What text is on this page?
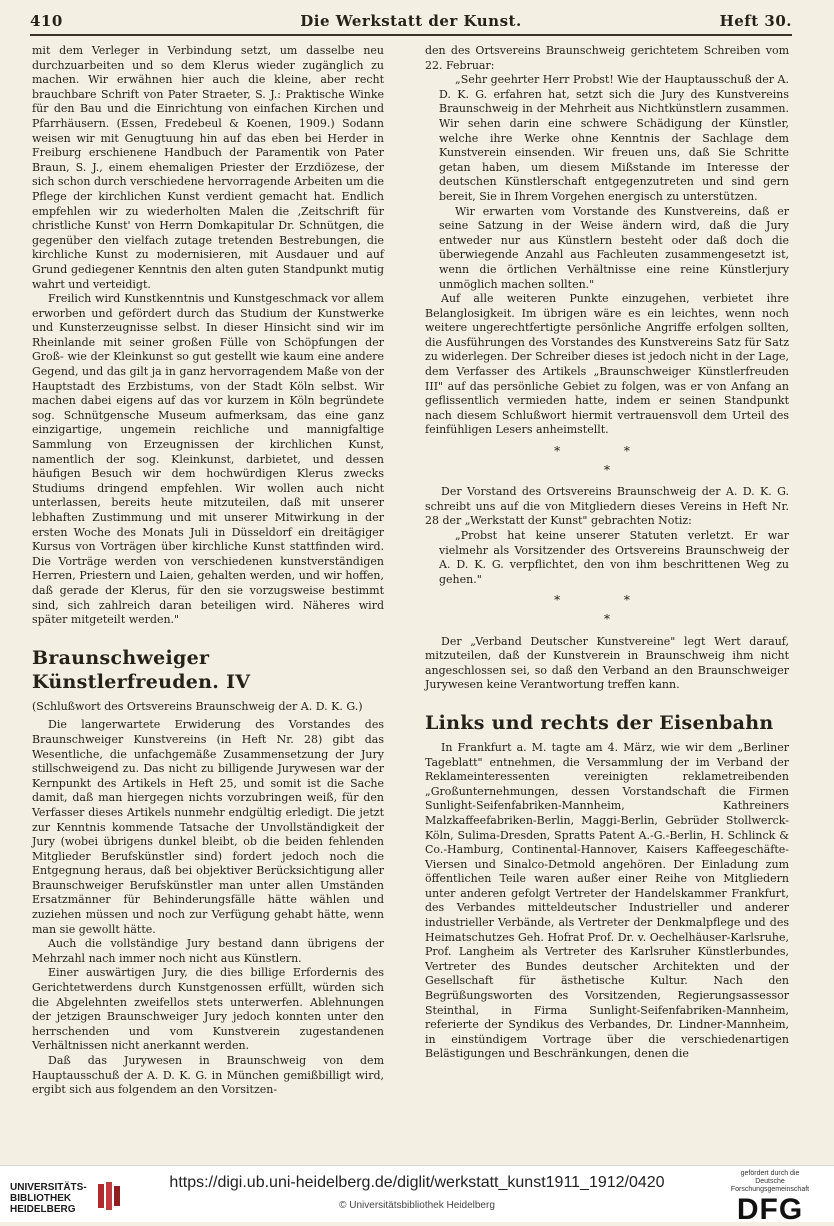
410	Die Werkstatt der Kunst.	Heft 30.

mit dem Verleger in Verbindung setzt, um dasselbe neu durchzuarbeiten und so dem Klerus wieder zugänglich zu machen. Wir erwähnen hier auch die kleine, aber recht brauchbare Schrift von Pater Straeter, S. J.: Praktische Winke für den Bau und die Einrichtung von einfachen Kirchen und Pfarrhäusern. (Essen, Fredebeul & Koenen, 1909.) Sodann weisen wir mit Genugtuung hin auf das eben bei Herder in Freiburg erschienene Handbuch der Paramentik von Pater Braun, S. J., einem ehemaligen Priester der Erzdiözese, der sich schon durch verschiedene hervorragende Arbeiten um die Pflege der kirchlichen Kunst verdient gemacht hat. Endlich empfehlen wir zu wiederholten Malen die ‚Zeitschrift für christliche Kunst' von Herrn Domkapitular Dr. Schnütgen, die gegenüber den vielfach zutage tretenden Bestrebungen, die kirchliche Kunst zu modernisieren, mit Ausdauer und auf Grund gediegener Kenntnis den alten guten Standpunkt mutig wahrt und verteidigt.

Freilich wird Kunstkenntnis und Kunstgeschmack vor allem erworben und gefördert durch das Studium der Kunstwerke und Kunsterzeugnisse selbst. In dieser Hinsicht sind wir im Rheinlande mit seiner großen Fülle von Schöpfungen der Groß- wie der Kleinkunst so gut gestellt wie kaum eine andere Gegend, und das gilt ja in ganz hervorragendem Maße von der Hauptstadt des Erzbistums, von der Stadt Köln selbst. Wir machen dabei eigens auf das vor kurzem in Köln begründete sog. Schnütgensche Museum aufmerksam, das eine ganz einzigartige, ungemein reichliche und mannigfaltige Sammlung von Erzeugnissen der kirchlichen Kunst, namentlich der sog. Kleinkunst, darbietet, und dessen häufigen Besuch wir dem hochwürdigen Klerus zwecks Studiums dringend empfehlen. Wir wollen auch nicht unterlassen, bereits heute mitzuteilen, daß mit unserer lebhaften Zustimmung und mit unserer Mitwirkung in der ersten Woche des Monats Juli in Düsseldorf ein dreitägiger Kursus von Vorträgen über kirchliche Kunst stattfinden wird. Die Vorträge werden von verschiedenen kunstverständigen Herren, Priestern und Laien, gehalten werden, und wir hoffen, daß gerade der Klerus, für den sie vorzugsweise bestimmt sind, sich zahlreich daran beteiligen wird. Näheres wird später mitgeteilt werden."

Braunschweiger Künstlerfreuden. IV
(Schlußwort des Ortsvereins Braunschweig der A. D. K. G.)

Die langerwartete Erwiderung des Vorstandes des Braunschweiger Kunstvereins (in Heft Nr. 28) gibt das Wesentliche, die unfachgemäße Zusammensetzung der Jury stillschweigend zu. Das nicht zu billigende Jurywesen war der Kernpunkt des Artikels in Heft 25, und somit ist die Sache damit, daß man hiergegen nichts vorzubringen weiß, für den Verfasser dieses Artikels nunmehr endgültig erledigt. Die jetzt zur Kenntnis kommende Tatsache der Unvollständigkeit der Jury (wobei übrigens dunkel bleibt, ob die beiden fehlenden Mitglieder Berufskünstler sind) fordert jedoch noch die Entgegnung heraus, daß bei objektiver Berücksichtigung aller Braunschweiger Berufskünstler man unter allen Umständen Ersatzmänner für Behinderungsfälle hätte wählen und zuziehen müssen und noch zur Verfügung gehabt hätte, wenn man sie gewollt hätte.

Auch die vollständige Jury bestand dann übrigens der Mehrzahl nach immer noch nicht aus Künstlern.

Einer auswärtigen Jury, die dies billige Erfordernis des Gerichtetwerdens durch Kunstgenossen erfüllt, würden sich die Abgelehnten zweifellos stets unterwerfen. Ablehnungen der jetzigen Braunschweiger Jury jedoch konnten unter den herrschenden und vom Kunstverein zugestandenen Verhältnissen nicht anerkannt werden.

Daß das Jurywesen in Braunschweig von dem Hauptausschuß der A. D. K. G. in München gemißbilligt wird, ergibt sich aus folgendem an den Vorsitzen-

den des Ortsvereins Braunschweig gerichtetem Schreiben vom 22. Februar:

„Sehr geehrter Herr Probst! Wie der Hauptausschuß der A. D. K. G. erfahren hat, setzt sich die Jury des Kunstvereins Braunschweig in der Mehrheit aus Nichtkünstlern zusammen. Wir sehen darin eine schwere Schädigung der Künstler, welche ihre Werke ohne Kenntnis der Sachlage dem Kunstverein einsenden. Wir freuen uns, daß Sie Schritte getan haben, um diesem Mißstande im Interesse der deutschen Künstlerschaft entgegenzutreten und sind gern bereit, Sie in Ihrem Vorgehen energisch zu unterstützen.

Wir erwarten vom Vorstande des Kunstvereins, daß er seine Satzung in der Weise ändern wird, daß die Jury entweder nur aus Künstlern besteht oder daß doch die überwiegende Anzahl aus Fachleuten zusammengesetzt ist, wenn die örtlichen Verhältnisse eine reine Künstlerjury unmöglich machen sollten."

Auf alle weiteren Punkte einzugehen, verbietet ihre Belanglosigkeit. Im übrigen wäre es ein leichtes, wenn noch weitere ungerechtfertigte persönliche Angriffe erfolgen sollten, die Ausführungen des Vorstandes des Kunstvereins Satz für Satz zu widerlegen. Der Schreiber dieses ist jedoch nicht in der Lage, dem Verfasser des Artikels „Braunschweiger Künstlerfreuden III" auf das persönliche Gebiet zu folgen, was er von Anfang an geflissentlich vermieden hatte, indem er seinen Standpunkt nach diesem Schlußwort hiermit vertrauensvoll dem Urteil des feinfühligen Lesers anheimstellt.

* *
*

Der Vorstand des Ortsvereins Braunschweig der A. D. K. G. schreibt uns auf die von Mitgliedern dieses Vereins in Heft Nr. 28 der „Werkstatt der Kunst" gebrachten Notiz:

„Probst hat keine unserer Statuten verletzt. Er war vielmehr als Vorsitzender des Ortsvereins Braunschweig der A. D. K. G. verpflichtet, den von ihm beschrittenen Weg zu gehen."

* *
*

Der „Verband Deutscher Kunstvereine" legt Wert darauf, mitzuteilen, daß der Kunstverein in Braunschweig ihm nicht angeschlossen sei, so daß den Verband an den Braunschweiger Jurywesen keine Verantwortung treffen kann.

Links und rechts der Eisenbahn

In Frankfurt a. M. tagte am 4. März, wie wir dem „Berliner Tageblatt" entnehmen, die Versammlung der im Verband der Reklameinteressenten vereinigten reklametreibenden „Großunternehmungen, dessen Vorstandschaft die Firmen Sunlight-Seifenfabriken-Mannheim, Kathreiners Malzkaffeefabriken-Berlin, Maggi-Berlin, Gebrüder Stollwerck-Köln, Sulima-Dresden, Spratts Patent A.-G.-Berlin, H. Schlinck & Co.-Hamburg, Continental-Hannover, Kaisers Kaffeegeschäfte-Viersen und Sinalco-Detmold angehören. Der Einladung zum öffentlichen Teile waren außer einer Reihe von Mitgliedern unter anderen gefolgt Vertreter der Handelskammer Frankfurt, des Verbandes mitteldeutscher Industrieller und anderer industrieller Verbände, als Vertreter der Denkmalpflege und des Heimatschutzes Geh. Hofrat Prof. Dr. v. Oechelhäuser-Karlsruhe, Prof. Langheim als Vertreter des Karlsruher Künstlerbundes, Vertreter des Bundes deutscher Architekten und der Gesellschaft für ästhetische Kultur. Nach den Begrüßungsworten des Vorsitzenden, Regierungsassessor Steinthal, in Firma Sunlight-Seifenfabriken-Mannheim, referierte der Syndikus des Verbandes, Dr. Lindner-Mannheim, in einstündigem Vortrage über die verschiedenartigen Belästigungen und Beschränkungen, denen die

UNIVERSITÄTS-
BIBLIOTHEK
HEIDELBERG
https://digi.ub.uni-heidelberg.de/diglit/werkstatt_kunst1911_1912/0420
© Universitätsbibliothek Heidelberg
gefördert durch die
Deutsche
Forschungsgemeinschaft
DFG
